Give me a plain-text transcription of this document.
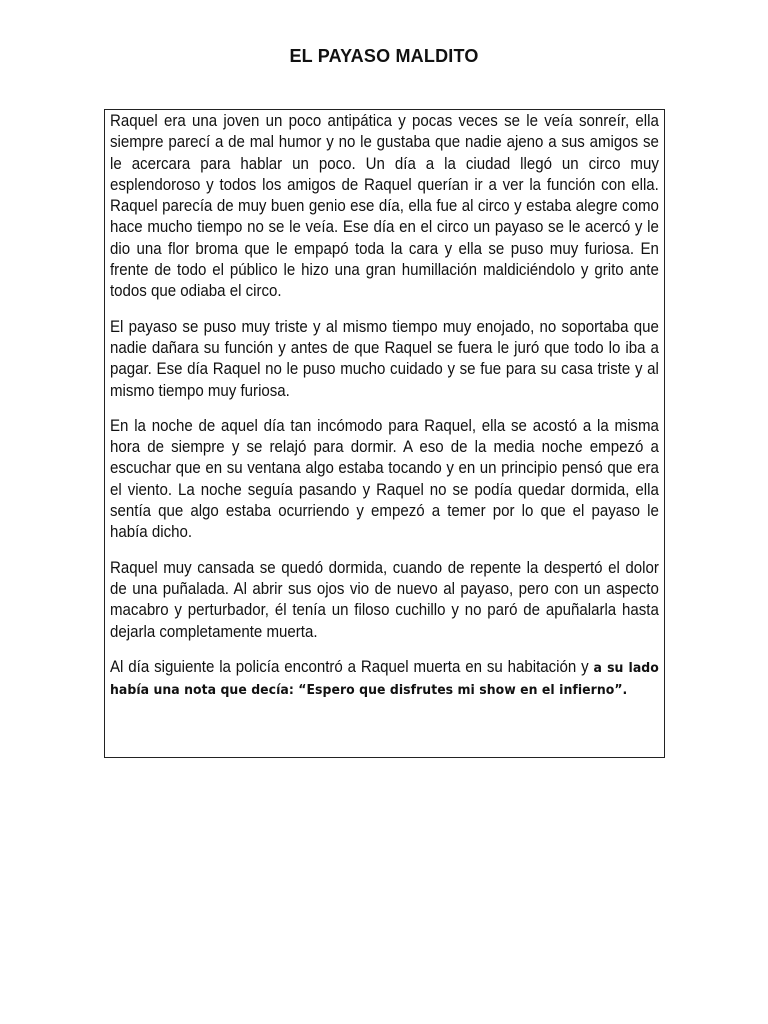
EL PAYASO MALDITO

Raquel era una joven un poco antipática y pocas veces se le veía sonreír, ella siempre parecí a de mal humor y no le gustaba que nadie ajeno a sus amigos se le acercara para hablar un poco. Un día a la ciudad llegó un circo muy esplendoroso y todos los amigos de Raquel querían ir a ver la función con ella. Raquel parecía de muy buen genio ese día, ella fue al circo y estaba alegre como hace mucho tiempo no se le veía. Ese día en el circo un payaso se le acercó y le dio una flor broma que le empapó toda la cara y ella se puso muy furiosa. En frente de todo el público le hizo una gran humillación maldiciéndolo y grito ante todos que odiaba el circo.

El payaso se puso muy triste y al mismo tiempo muy enojado, no soportaba que nadie dañara su función y antes de que Raquel se fuera le juró que todo lo iba a pagar. Ese día Raquel no le puso mucho cuidado y se fue para su casa triste y al mismo tiempo muy furiosa.

En la noche de aquel día tan incómodo para Raquel, ella se acostó a la misma hora de siempre y se relajó para dormir. A eso de la media noche empezó a escuchar que en su ventana algo estaba tocando y en un principio pensó que era el viento. La noche seguía pasando y Raquel no se podía quedar dormida, ella sentía que algo estaba ocurriendo y empezó a temer por lo que el payaso le había dicho.

Raquel muy cansada se quedó dormida, cuando de repente la despertó el dolor de una puñalada. Al abrir sus ojos vio de nuevo al payaso, pero con un aspecto macabro y perturbador, él tenía un filoso cuchillo y no paró de apuñalarla hasta dejarla completamente muerta.

Al día siguiente la policía encontró a Raquel muerta en su habitación y a su lado había una nota que decía: “Espero que disfrutes mi show en el infierno”.
